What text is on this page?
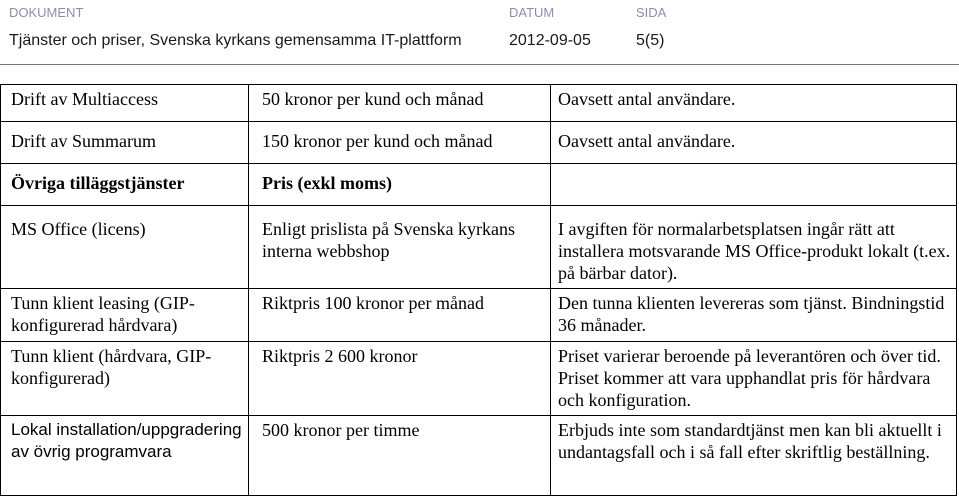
DOKUMENT
Tjänster och priser, Svenska kyrkans gemensamma IT-plattform
DATUM
2012-09-05
SIDA
5(5)
Drift av Multiaccess	50 kronor per kund och månad	Oavsett antal användare.
Drift av Summarum	150 kronor per kund och månad	Oavsett antal användare.
Övriga tilläggstjänster	Pris (exkl moms)	
MS Office (licens)	Enligt prislista på Svenska kyrkans interna webbshop	I avgiften för normalarbetsplatsen ingår rätt att installera motsvarande MS Office-produkt lokalt (t.ex. på bärbar dator).
Tunn klient leasing (GIP-konfigurerad hårdvara)	Riktpris 100 kronor per månad	Den tunna klienten levereras som tjänst. Bindningstid 36 månader.
Tunn klient (hårdvara, GIP-konfigurerad)	Riktpris 2 600 kronor	Priset varierar beroende på leverantören och över tid. Priset kommer att vara upphandlat pris för hårdvara och konfiguration.
Lokal installation/uppgradering av övrig programvara	500 kronor per timme	Erbjuds inte som standardtjänst men kan bli aktuellt i undantagsfall och i så fall efter skriftlig beställning.
